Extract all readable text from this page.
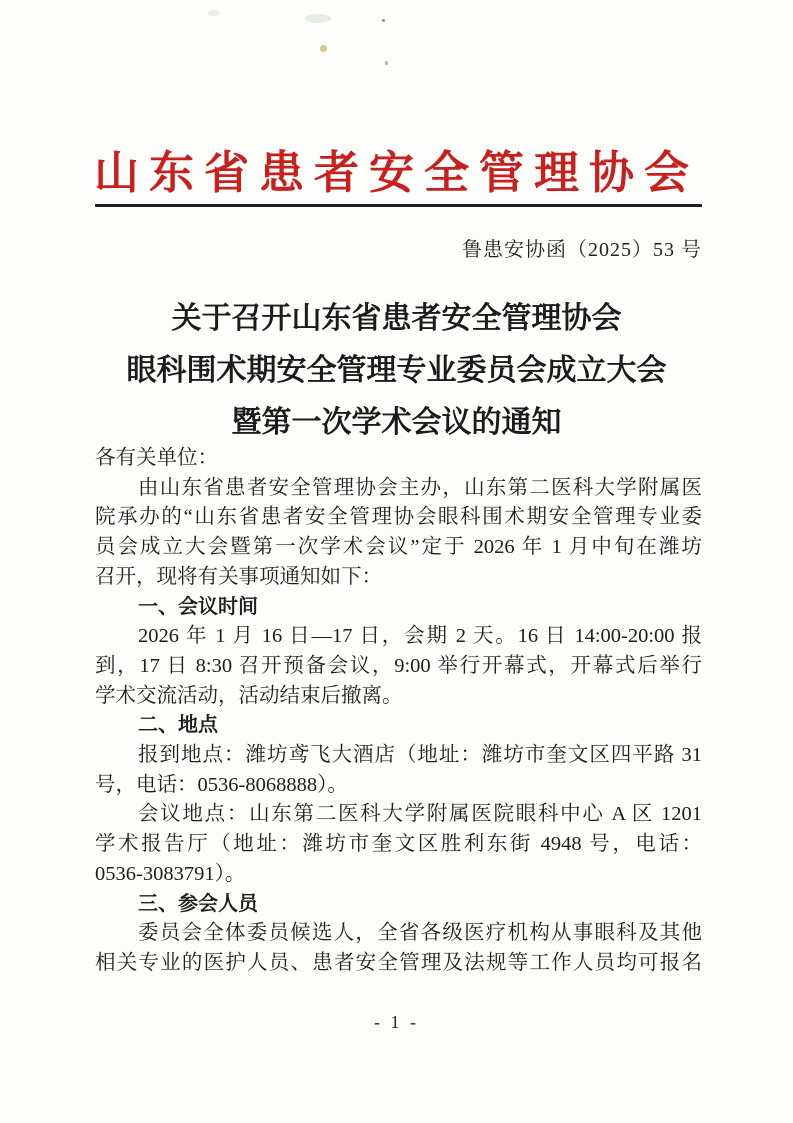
山东省患者安全管理协会
鲁患安协函（2025）53 号
关于召开山东省患者安全管理协会
眼科围术期安全管理专业委员会成立大会
暨第一次学术会议的通知
各有关单位：
由山东省患者安全管理协会主办，山东第二医科大学附属医
院承办的“山东省患者安全管理协会眼科围术期安全管理专业委
员会成立大会暨第一次学术会议”定于 2026 年 1 月中旬在潍坊
召开，现将有关事项通知如下：
一、会议时间
2026 年 1 月 16 日—17 日，会期 2 天。16 日 14:00-20:00 报
到，17 日 8:30 召开预备会议，9:00 举行开幕式，开幕式后举行
学术交流活动，活动结束后撤离。
二、地点
报到地点：潍坊鸢飞大酒店（地址：潍坊市奎文区四平路 31
号，电话：0536-8068888）。
会议地点：山东第二医科大学附属医院眼科中心 A 区 1201
学术报告厅（地址：潍坊市奎文区胜利东街 4948 号，电话：
0536-3083791）。
三、参会人员
委员会全体委员候选人，全省各级医疗机构从事眼科及其他
相关专业的医护人员、患者安全管理及法规等工作人员均可报名
- 1 -
